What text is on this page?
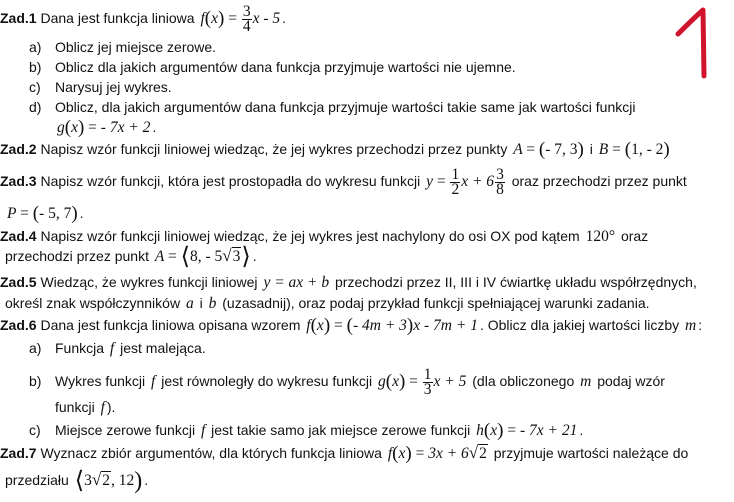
Zad.1 Dana jest funkcja liniowa $f(x) = \frac{3}{4}$ x - 5 .
a) Oblicz jej miejsce zerowe.
b) Oblicz dla jakich argumentów dana funkcja przyjmuje wartości nie ujemne.
c) Narysuj jej wykres.
d) Oblicz, dla jakich argumentów dana funkcja przyjmuje wartości takie same jak wartości funkcji
g(x) = - 7x + 2 .
Zad.2 Napisz wzór funkcji liniowej wiedząc, że jej wykres przechodzi przez punkty A = (- 7, 3) i B = (1, - 2)
Zad.3 Napisz wzór funkcji, która jest prostopadła do wykresu funkcji $y = \frac{1}{2}$ $x + 6 \frac{3}{8}$ oraz przechodzi przez punkt
P = (- 5, 7) .
Zad.4 Napisz wzór funkcji liniowej wiedząc, że jej wykres jest nachylony do osi OX pod kątem 120° oraz
przechodzi przez punkt A = ⟨8, - 5√3⟩ .
Zad.5 Wiedząc, że wykres funkcji liniowej y = ax + b przechodzi przez II, III i IV ćwiartkę układu współrzędnych,
określ znak współczynników a i b (uzasadnij), oraz podaj przykład funkcji spełniającej warunki zadania.
Zad.6 Dana jest funkcja liniowa opisana wzorem f(x) = (- 4m + 3)x - 7m + 1 . Oblicz dla jakiej wartości liczby m :
a) Funkcja f jest malejąca.
b) Wykres funkcji f jest równoległy do wykresu funkcji $g(x) = \frac{1}{3}$ x + 5 (dla obliczonego m podaj wzór
funkcji f ).
c) Miejsce zerowe funkcji f jest takie samo jak miejsce zerowe funkcji h(x) = - 7x + 21 .
Zad.7 Wyznacz zbiór argumentów, dla których funkcja liniowa f(x) = 3x + 6√2 przyjmuje wartości należące do
przedziału ⟨3√2, 12) .
